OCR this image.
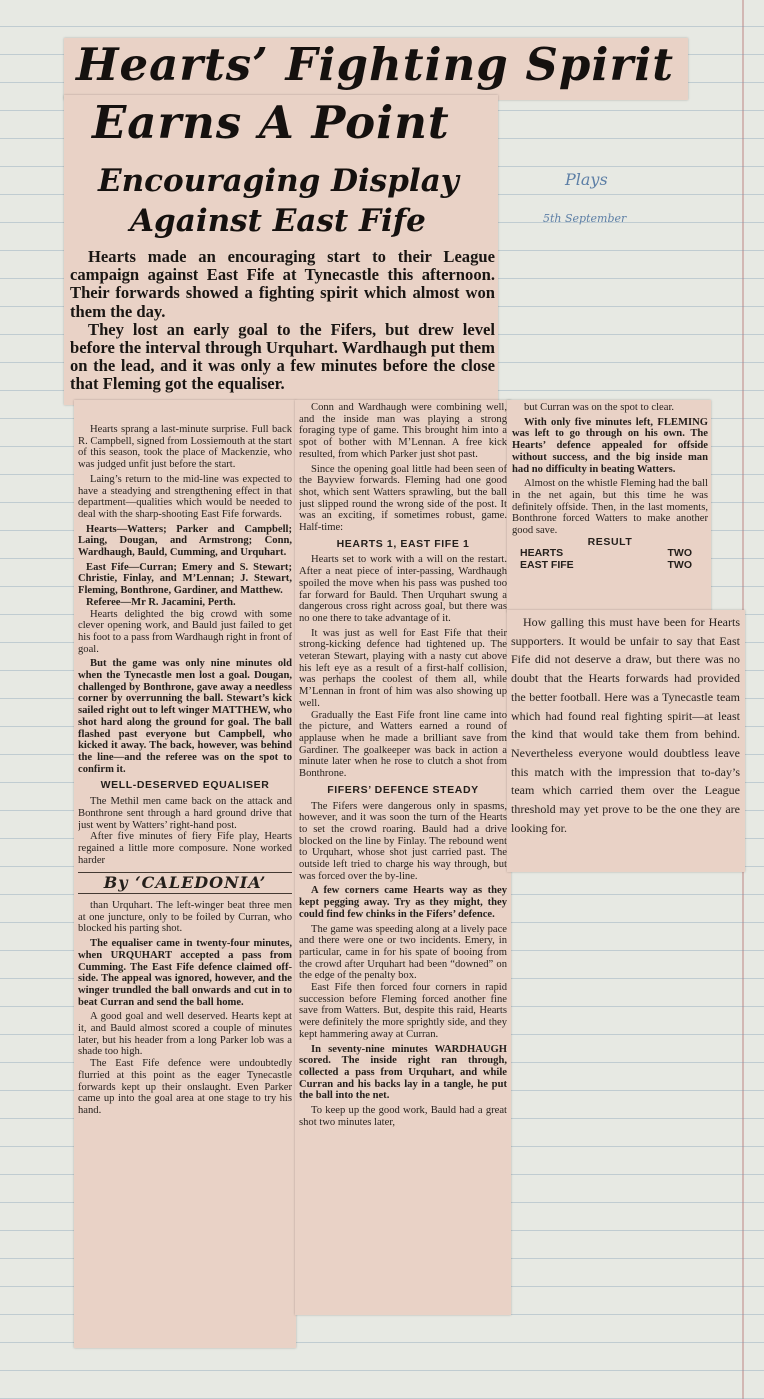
Hearts’ Fighting Spirit
Earns A Point
Encouraging Display
Against East Fife
Plays
5th September

Hearts made an encouraging start to their League campaign against East Fife at Tynecastle this afternoon. Their forwards showed a fighting spirit which almost won them the day.

They lost an early goal to the Fifers, but drew level before the interval through Urquhart. Wardhaugh put them on the lead, and it was only a few minutes before the close that Fleming got the equaliser.

Hearts sprang a last-minute surprise. Full back R. Campbell, signed from Lossiemouth at the start of this season, took the place of Mackenzie, who was judged unfit just before the start.

Laing’s return to the mid-line was expected to have a steadying and strengthening effect in that department—qualities which would be needed to deal with the sharp-shooting East Fife forwards.

Hearts—Watters; Parker and Campbell; Laing, Dougan, and Armstrong; Conn, Wardhaugh, Bauld, Cumming, and Urquhart.

East Fife—Curran; Emery and S. Stewart; Christie, Finlay, and M’Lennan; J. Stewart, Fleming, Bonthrone, Gardiner, and Matthew.

Referee—Mr R. Jacamini, Perth.

Hearts delighted the big crowd with some clever opening work, and Bauld just failed to get his foot to a pass from Wardhaugh right in front of goal.

But the game was only nine minutes old when the Tynecastle men lost a goal. Dougan, challenged by Bonthrone, gave away a needless corner by overrunning the ball. Stewart’s kick sailed right out to left winger MATTHEW, who shot hard along the ground for goal. The ball flashed past everyone but Campbell, who kicked it away. The back, however, was behind the line—and the referee was on the spot to confirm it.

WELL-DESERVED EQUALISER

The Methil men came back on the attack and Bonthrone sent through a hard ground drive that just went by Watters’ right-hand post.

After five minutes of fiery Fife play, Hearts regained a little more composure. None worked harder

By ‘CALEDONIA’

than Urquhart. The left-winger beat three men at one juncture, only to be foiled by Curran, who blocked his parting shot.

The equaliser came in twenty-four minutes, when URQUHART accepted a pass from Cumming. The East Fife defence claimed off-side. The appeal was ignored, however, and the winger trundled the ball onwards and cut in to beat Curran and send the ball home.

A good goal and well deserved. Hearts kept at it, and Bauld almost scored a couple of minutes later, but his header from a long Parker lob was a shade too high.

The East Fife defence were undoubtedly flurried at this point as the eager Tynecastle forwards kept up their onslaught. Even Parker came up into the goal area at one stage to try his hand.

Conn and Wardhaugh were combining well, and the inside man was playing a strong foraging type of game. This brought him into a spot of bother with M’Lennan. A free kick resulted, from which Parker just shot past.

Since the opening goal little had been seen of the Bayview forwards. Fleming had one good shot, which sent Watters sprawling, but the ball just slipped round the wrong side of the post. It was an exciting, if sometimes robust, game. Half-time:

HEARTS 1, EAST FIFE 1

Hearts set to work with a will on the restart. After a neat piece of inter-passing, Wardhaugh spoiled the move when his pass was pushed too far forward for Bauld. Then Urquhart swung a dangerous cross right across goal, but there was no one there to take advantage of it.

It was just as well for East Fife that their strong-kicking defence had tightened up. The veteran Stewart, playing with a nasty cut above his left eye as a result of a first-half collision, was perhaps the coolest of them all, while M’Lennan in front of him was also showing up well.

Gradually the East Fife front line came into the picture, and Watters earned a round of applause when he made a brilliant save from Gardiner. The goalkeeper was back in action a minute later when he rose to clutch a shot from Bonthrone.

FIFERS’ DEFENCE STEADY

The Fifers were dangerous only in spasms, however, and it was soon the turn of the Hearts to set the crowd roaring. Bauld had a drive blocked on the line by Finlay. The rebound went to Urquhart, whose shot just carried past. The outside left tried to charge his way through, but was forced over the by-line.

A few corners came Hearts way as they kept pegging away. Try as they might, they could find few chinks in the Fifers’ defence.

The game was speeding along at a lively pace and there were one or two incidents. Emery, in particular, came in for his spate of booing from the crowd after Urquhart had been “downed” on the edge of the penalty box.

East Fife then forced four corners in rapid succession before Fleming forced another fine save from Watters. But, despite this raid, Hearts were definitely the more sprightly side, and they kept hammering away at Curran.

In seventy-nine minutes WARDHAUGH scored. The inside right ran through, collected a pass from Urquhart, and while Curran and his backs lay in a tangle, he put the ball into the net.

To keep up the good work, Bauld had a great shot two minutes later,

but Curran was on the spot to clear.

With only five minutes left, FLEMING was left to go through on his own. The Hearts’ defence appealed for offside without success, and the big inside man had no difficulty in beating Watters.

Almost on the whistle Fleming had the ball in the net again, but this time he was definitely offside. Then, in the last moments, Bonthrone forced Watters to make another good save.

RESULT
HEARTS	TWO
EAST FIFE	TWO

How galling this must have been for Hearts supporters. It would be unfair to say that East Fife did not deserve a draw, but there was no doubt that the Hearts forwards had provided the better football. Here was a Tynecastle team which had found real fighting spirit—at least the kind that would take them from behind. Nevertheless everyone would doubtless leave this match with the impression that to-day’s team which carried them over the League threshold may yet prove to be the one they are looking for.
